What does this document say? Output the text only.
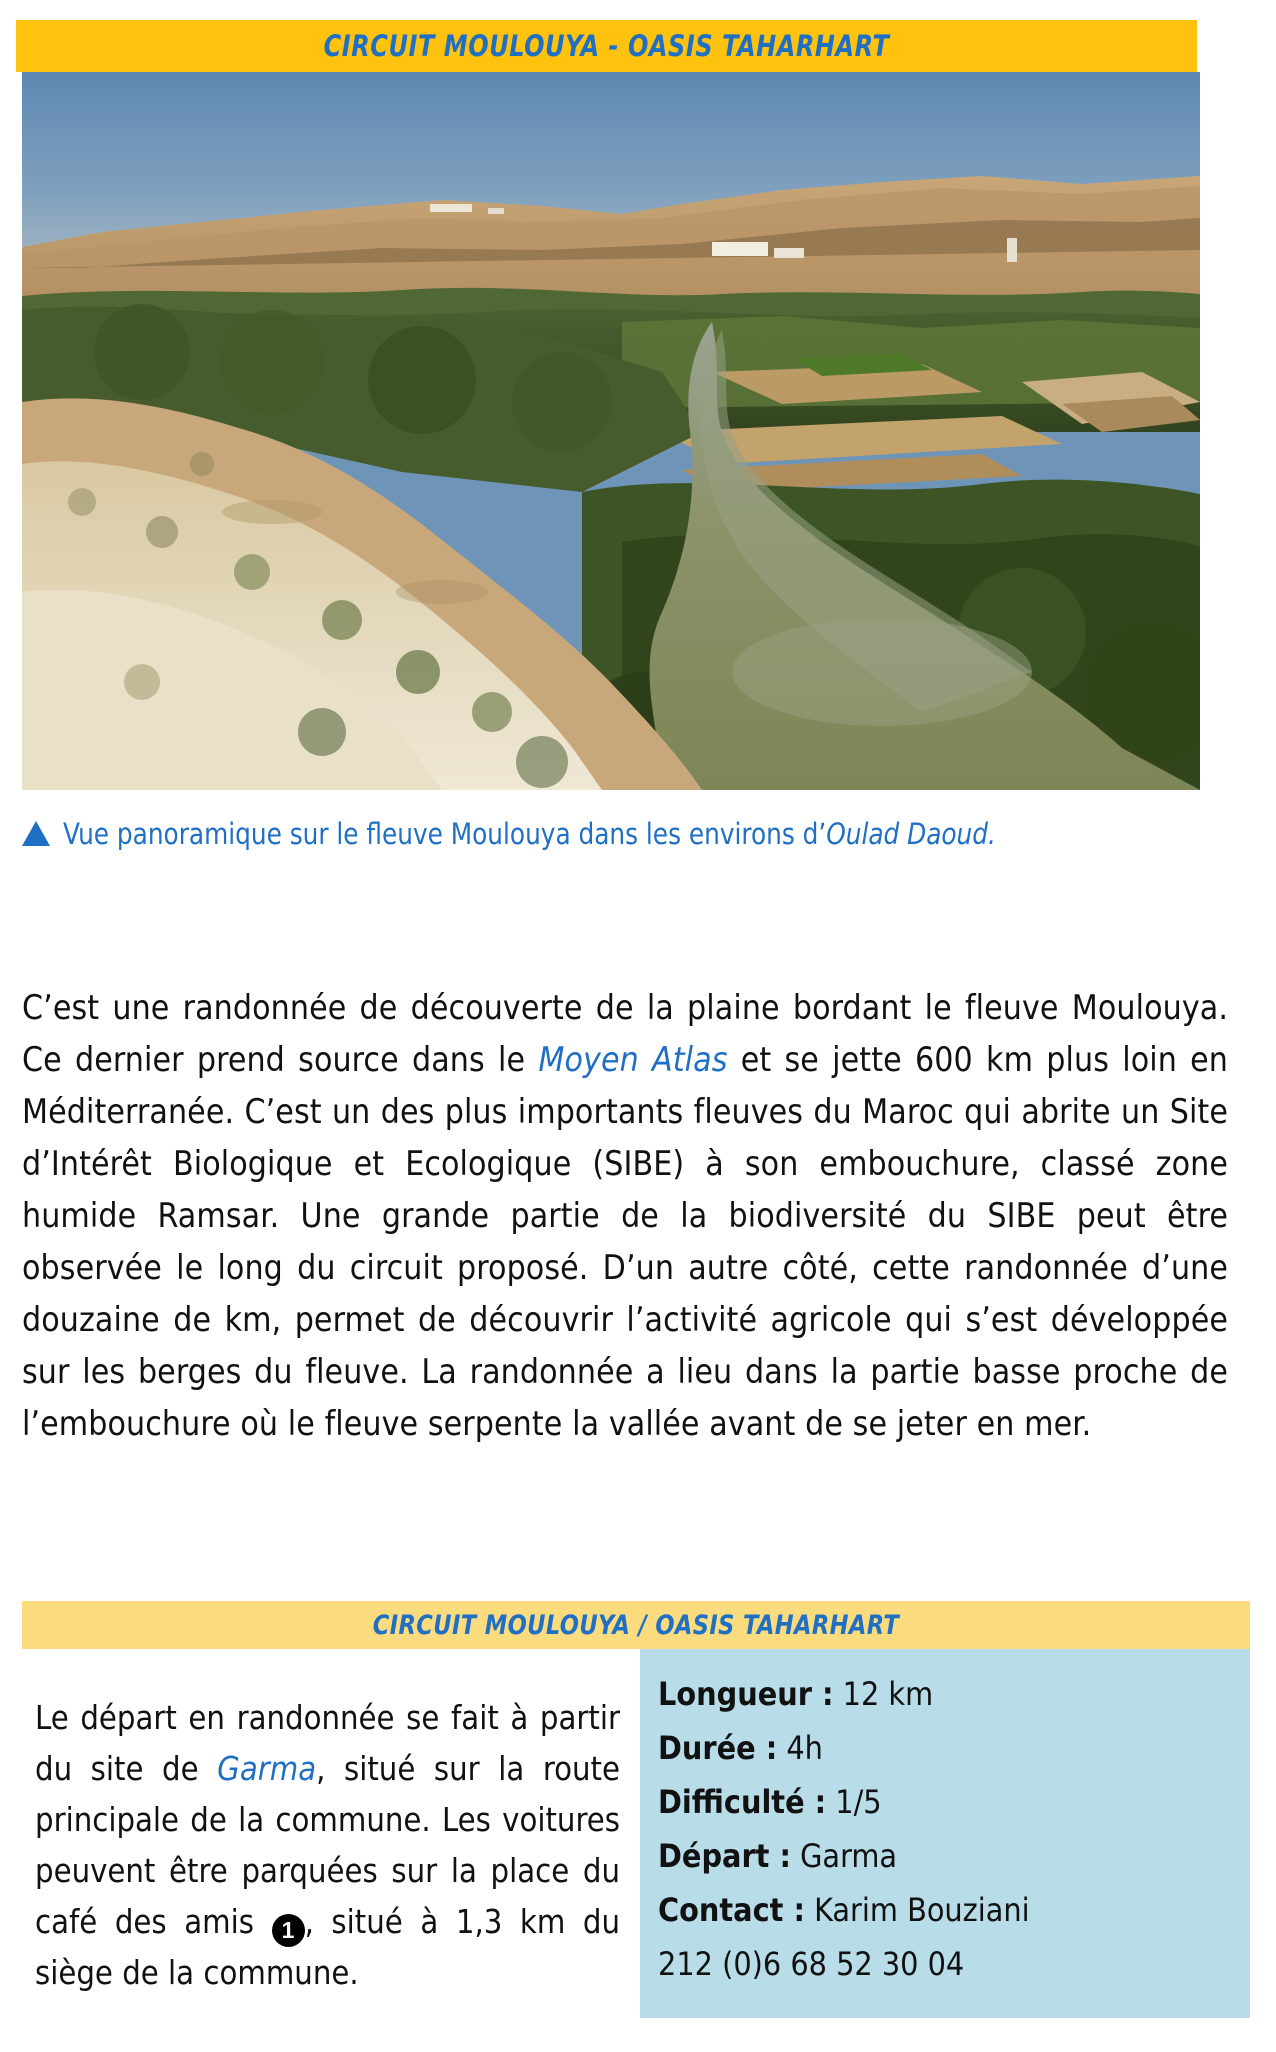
CIRCUIT MOULOUYA - OASIS TAHARHART
Vue panoramique sur le fleuve Moulouya dans les environs d’Oulad Daoud.

C’est une randonnée de découverte de la plaine bordant le fleuve Moulouya. Ce dernier prend source dans le Moyen Atlas et se jette 600 km plus loin en Méditerranée. C’est un des plus importants fleuves du Maroc qui abrite un Site d’Intérêt Biologique et Ecologique (SIBE) à son embouchure, classé zone humide Ramsar. Une grande partie de la biodiversité du SIBE peut être observée le long du circuit proposé. D’un autre côté, cette randonnée d’une douzaine de km, permet de découvrir l’activité agricole qui s’est développée sur les berges du fleuve. La randonnée a lieu dans la partie basse proche de l’embouchure où le fleuve serpente la vallée avant de se jeter en mer.

CIRCUIT MOULOUYA / OASIS TAHARHART

Le départ en randonnée se fait à partir du site de Garma, situé sur la route principale de la commune. Les voitures peuvent être parquées sur la place du café des amis 1 , situé à 1,3 km du siège de la commune.

Longueur : 12 km
Durée : 4h
Difficulté : 1/5
Départ : Garma
Contact : Karim Bouziani
212 (0)6 68 52 30 04
